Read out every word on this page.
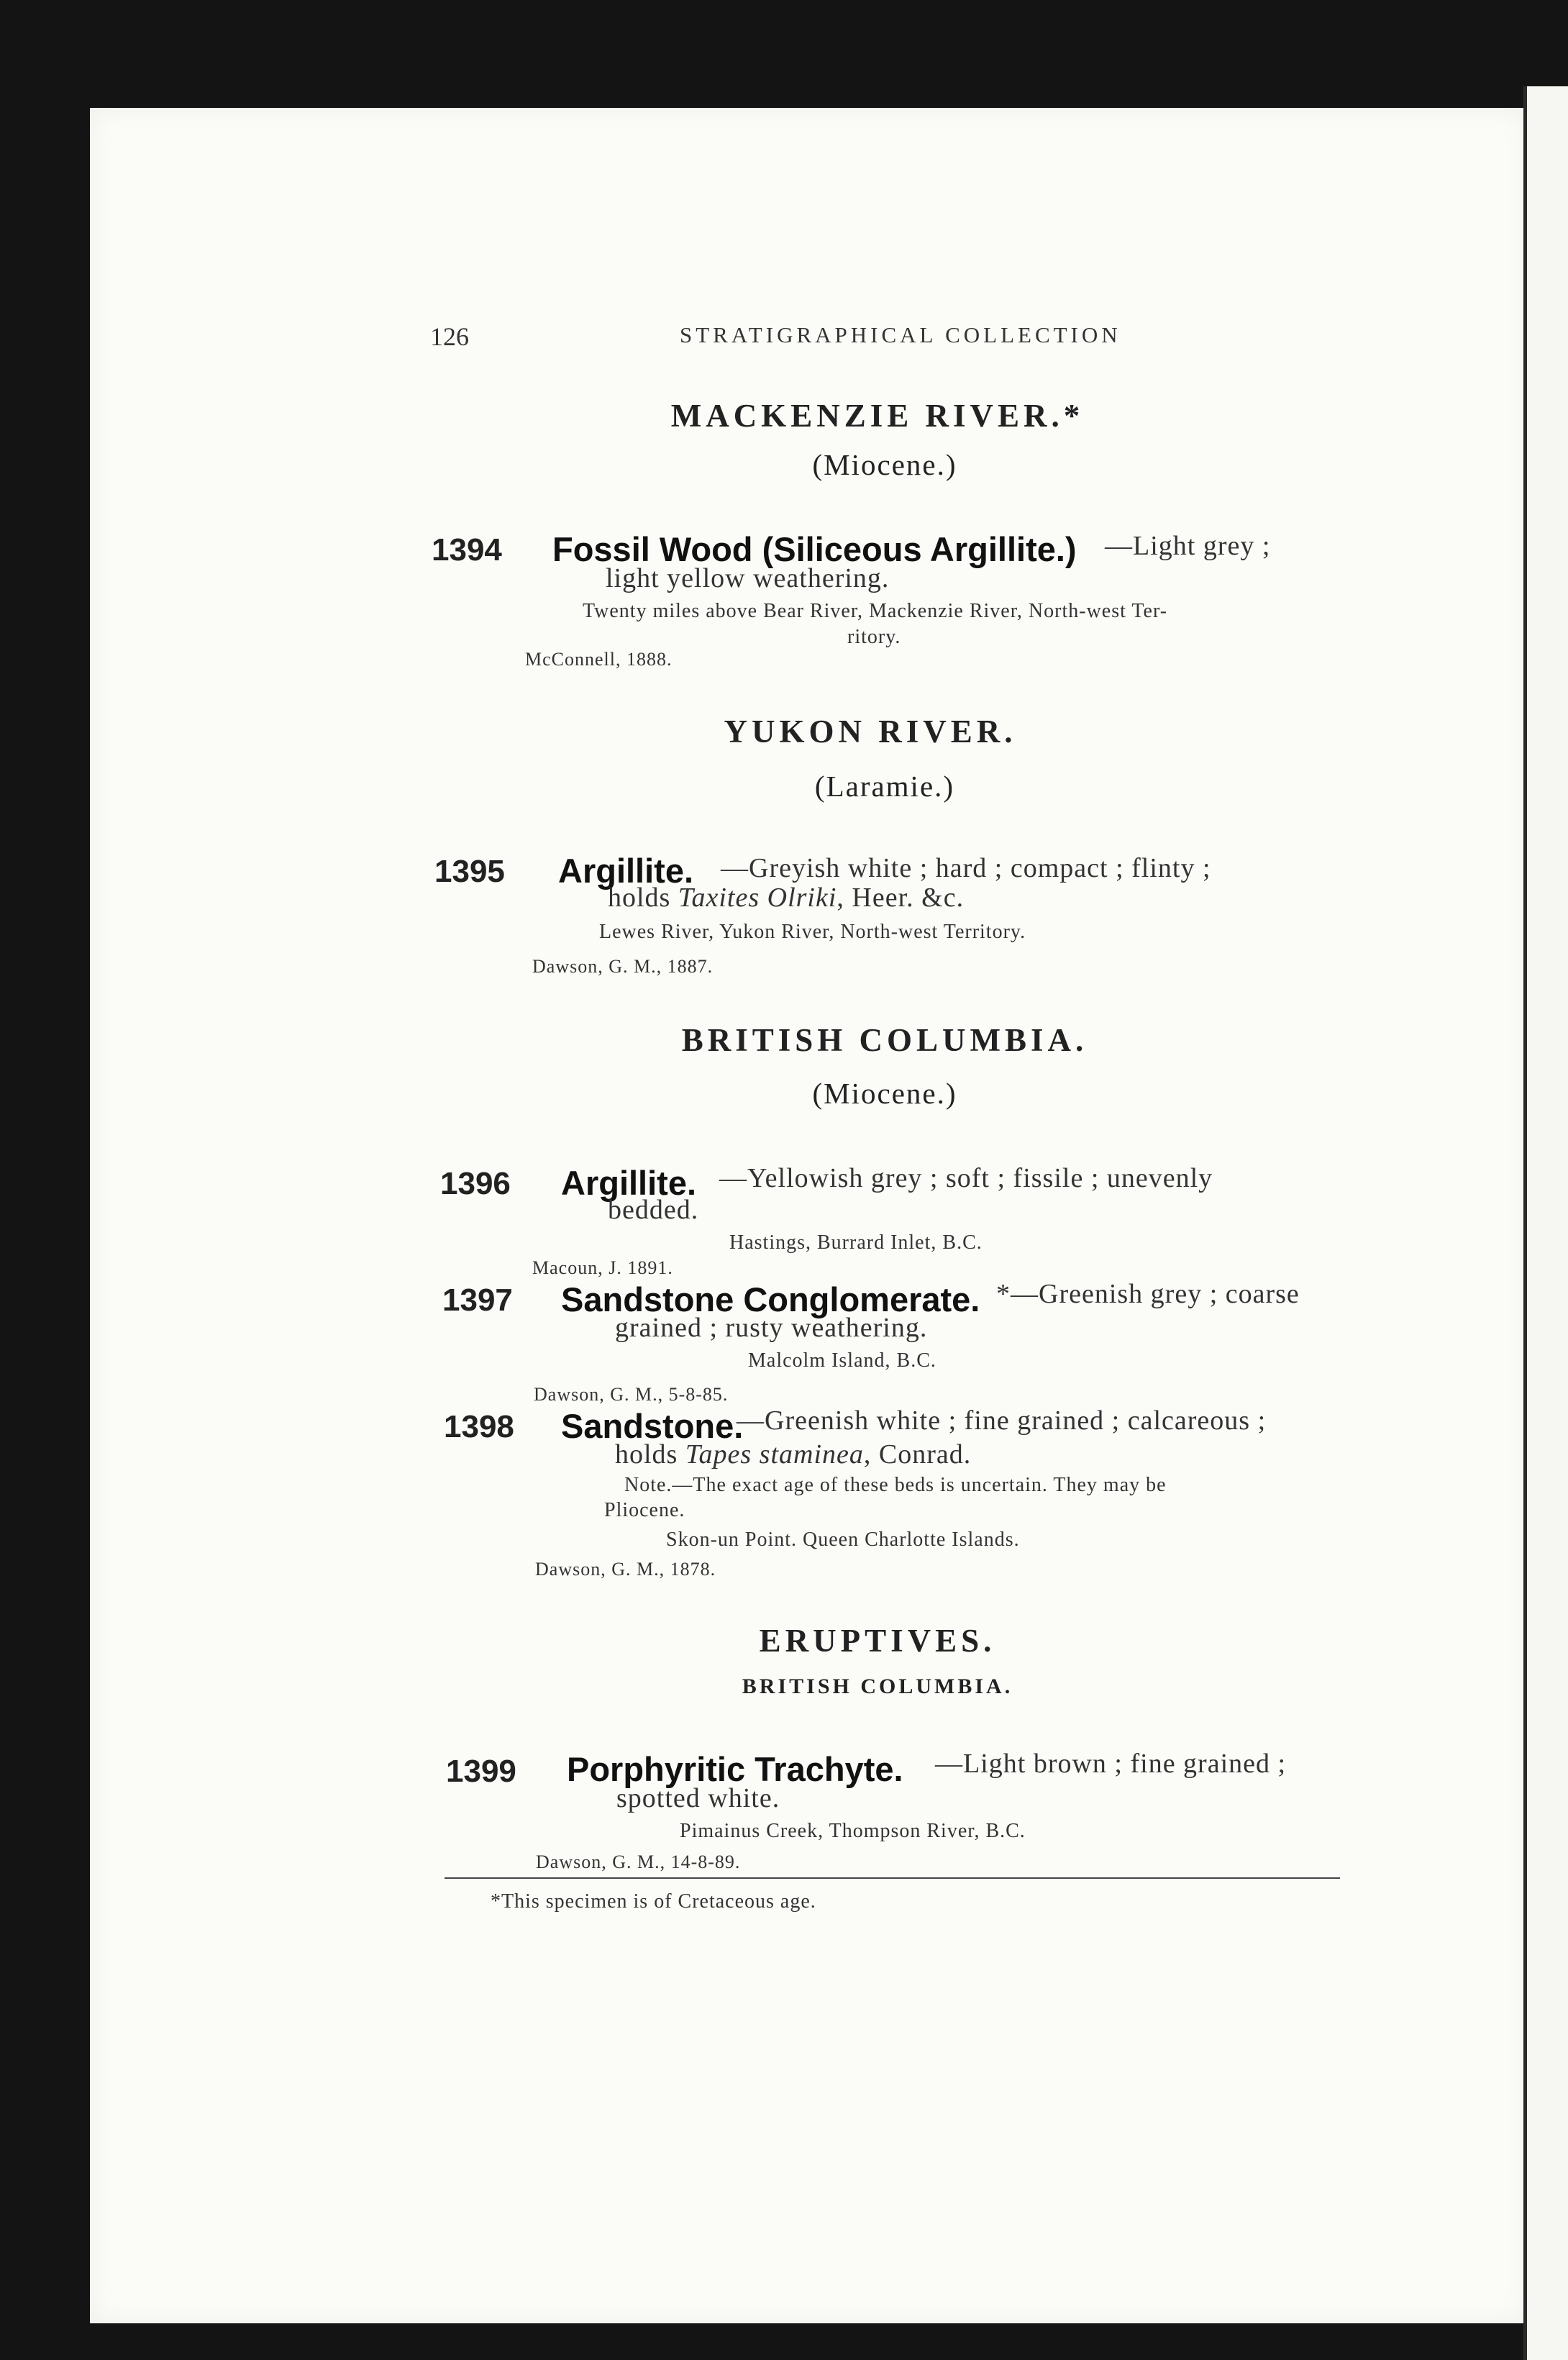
126	STRATIGRAPHICAL COLLECTION
MACKENZIE RIVER.*
(Miocene.)
1394 Fossil Wood (Siliceous Argillite.) —Light grey ;
light yellow weathering.
Twenty miles above Bear River, Mackenzie River, North-west Ter-
ritory.
McConnell, 1888.
YUKON RIVER.
(Laramie.)
1395 Argillite. —Greyish white ; hard ; compact ; flinty ;
holds Taxites Olriki, Heer. &c.
Lewes River, Yukon River, North-west Territory.
Dawson, G. M., 1887.
BRITISH COLUMBIA.
(Miocene.)
1396 Argillite. —Yellowish grey ; soft ; fissile ; unevenly
bedded.
Hastings, Burrard Inlet, B.C.
Macoun, J. 1891.
1397 Sandstone Conglomerate. *—Greenish grey ; coarse
grained ; rusty weathering.
Malcolm Island, B.C.
Dawson, G. M., 5-8-85.
1398 Sandstone.
—Greenish white ; fine grained ; calcareous ;
holds Tapes staminea, Conrad.
Note.—The exact age of these beds is uncertain. They may be
Pliocene.
Skon-un Point. Queen Charlotte Islands.
Dawson, G. M., 1878.
ERUPTIVES.
BRITISH COLUMBIA.
1399 Porphyritic Trachyte. —Light brown ; fine grained ;
spotted white.
Pimainus Creek, Thompson River, B.C.
Dawson, G. M., 14-8-89.
*This specimen is of Cretaceous age.
